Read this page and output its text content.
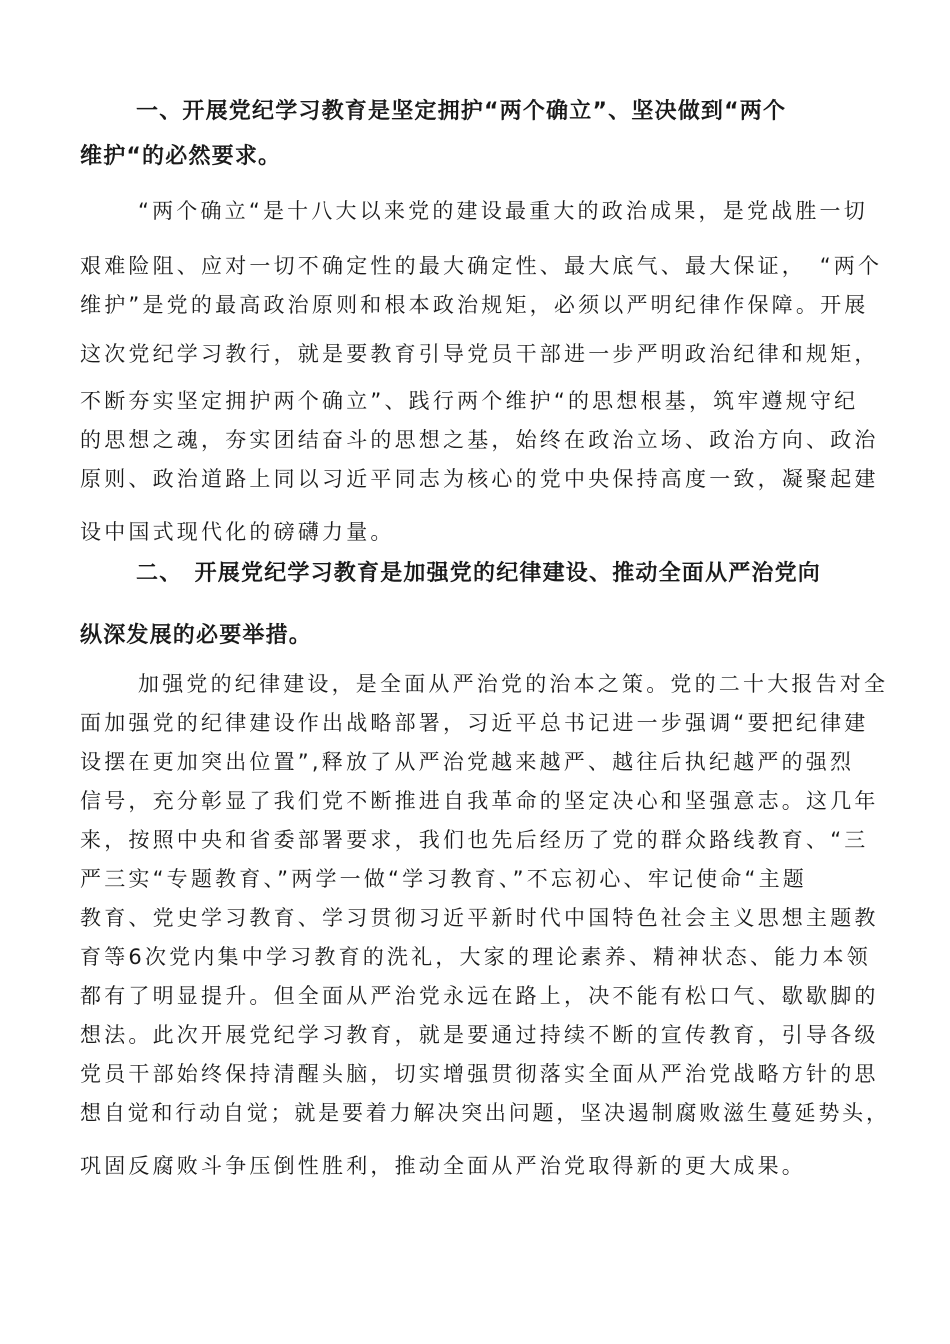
一、开展党纪学习教育是坚定拥护“两个确立”、坚决做到“两个
维护“的必然要求。
“两个确立“是十八大以来党的建设最重大的政治成果，是党战胜一切
艰难险阻、应对一切不确定性的最大确定性、最大底气、最大保证，　“两个
维护”是党的最高政治原则和根本政治规矩，必须以严明纪律作保障。开展
这次党纪学习教行，就是要教育引导党员干部进一步严明政治纪律和规矩，
不断夯实坚定拥护两个确立”、践行两个维护“的思想根基，筑牢遵规守纪
的思想之魂，夯实团结奋斗的思想之基，始终在政治立场、政治方向、政治
原则、政治道路上同以习近平同志为核心的党中央保持高度一致，凝聚起建
设中国式现代化的磅礴力量。
二、　开展党纪学习教育是加强党的纪律建设、推动全面从严治党向
纵深发展的必要举措。
加强党的纪律建设，是全面从严治党的治本之策。党的二十大报告对全
面加强党的纪律建设作出战略部署，习近平总书记进一步强调“要把纪律建
设摆在更加突出位置”,释放了从严治党越来越严、越往后执纪越严的强烈
信号，充分彰显了我们党不断推进自我革命的坚定决心和坚强意志。这几年
来，按照中央和省委部署要求，我们也先后经历了党的群众路线教育、“三
严三实“专题教育、”两学一做“学习教育、”不忘初心、牢记使命“主题
教育、党史学习教育、学习贯彻习近平新时代中国特色社会主义思想主题教
育等6次党内集中学习教育的洗礼，大家的理论素养、精神状态、能力本领
都有了明显提升。但全面从严治党永远在路上，决不能有松口气、歇歇脚的
想法。此次开展党纪学习教育，就是要通过持续不断的宣传教育，引导各级
党员干部始终保持清醒头脑，切实增强贯彻落实全面从严治党战略方针的思
想自觉和行动自觉；就是要着力解决突出问题，坚决遏制腐败滋生蔓延势头，
巩固反腐败斗争压倒性胜利，推动全面从严治党取得新的更大成果。
